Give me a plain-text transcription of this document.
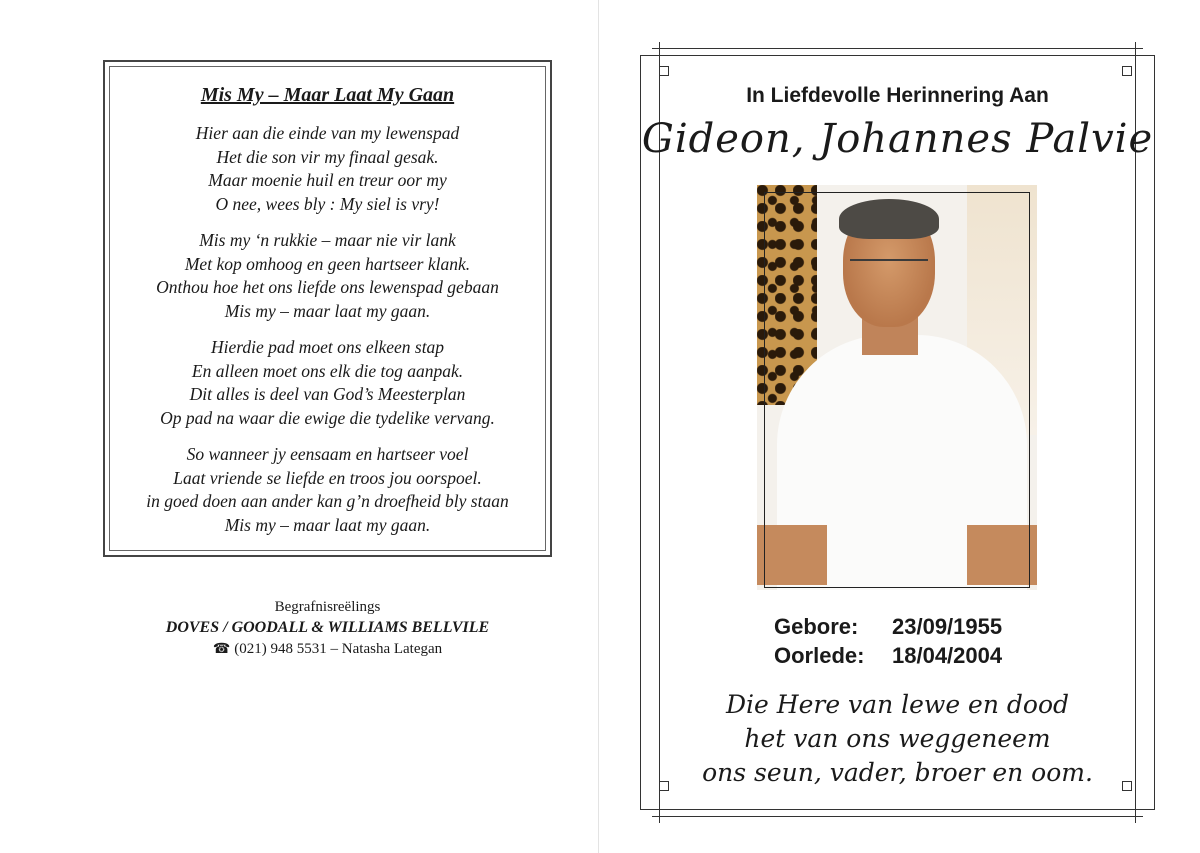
Mis My – Maar Laat My Gaan
Hier aan die einde van my lewenspad
Het die son vir my finaal gesak.
Maar moenie huil en treur oor my
O nee, wees bly : My siel is vry!
Mis my ‘n rukkie – maar nie vir lank
Met kop omhoog en geen hartseer klank.
Onthou hoe het ons liefde ons lewenspad gebaan
Mis my – maar laat my gaan.
Hierdie pad moet ons elkeen stap
En alleen moet ons elk die tog aanpak.
Dit alles is deel van God’s Meesterplan
Op pad na waar die ewige die tydelike vervang.
So wanneer jy eensaam en hartseer voel
Laat vriende se liefde en troos jou oorspoel.
in goed doen aan ander kan g’n droefheid bly staan
Mis my – maar laat my gaan.
Begrafnisreëlings
DOVES / GOODALL & WILLIAMS BELLVILE
☎ (021) 948 5531 – Natasha Lategan
In Liefdevolle Herinnering Aan
Gideon, Johannes Palvie
Gebore: 23/09/1955
Oorlede: 18/04/2004
Die Here van lewe en dood
het van ons weggeneem
ons seun, vader, broer en oom.
